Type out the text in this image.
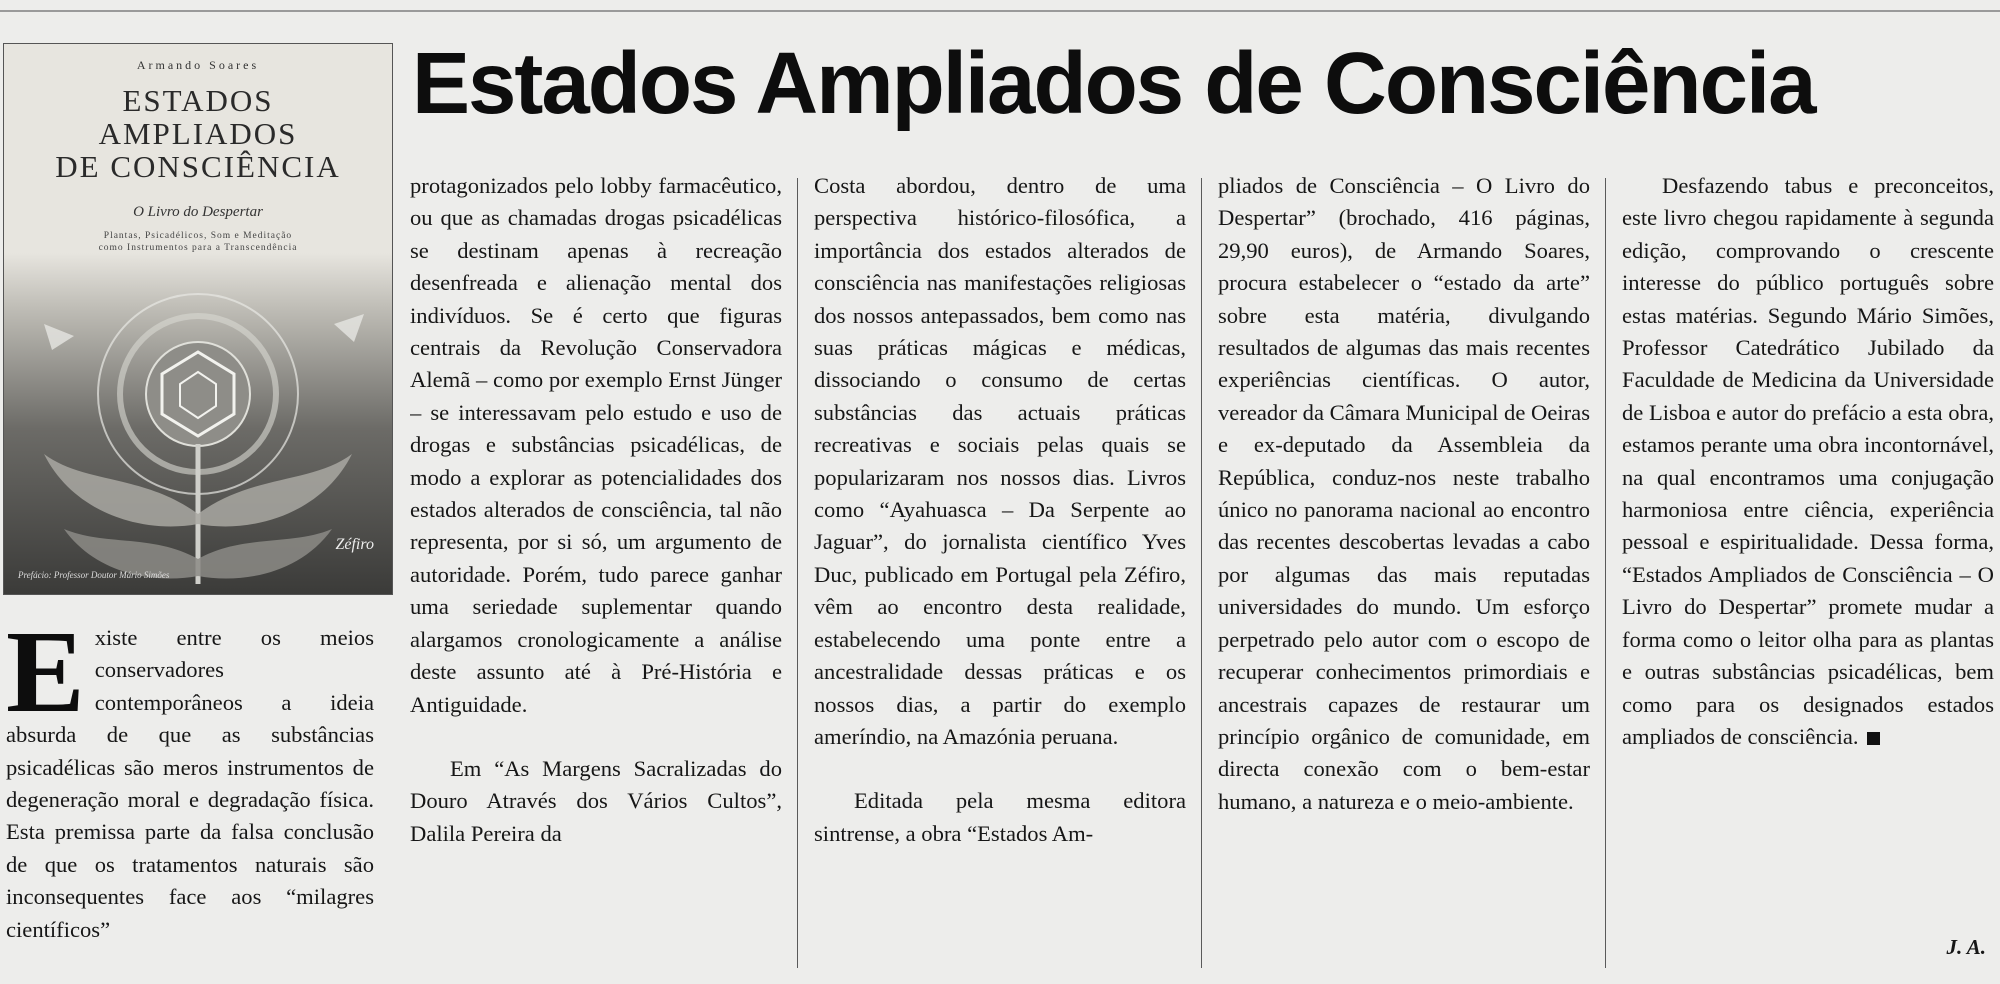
Armando Soares
ESTADOS
AMPLIADOS
DE CONSCIÊNCIA
O Livro do Despertar
Plantas, Psicadélicos, Som e Meditação
como Instrumentos para a Transcendência
Zéfiro
Prefácio: Professor Doutor Mário Simões
Estados Ampliados de Consciência
E xiste entre os meios conservadores contemporâneos a ideia absurda de que as substâncias psicadélicas são meros instrumentos de degeneração moral e degradação física. Esta premissa parte da falsa conclusão de que os tratamentos naturais são inconsequentes face aos “milagres científicos”

protagonizados pelo lobby farmacêutico, ou que as chamadas drogas psicadélicas se destinam apenas à recreação desenfreada e alienação mental dos indivíduos. Se é certo que figuras centrais da Revolução Conservadora Alemã – como por exemplo Ernst Jünger – se interessavam pelo estudo e uso de drogas e substâncias psicadélicas, de modo a explorar as potencialidades dos estados alterados de consciência, tal não representa, por si só, um argumento de autoridade. Porém, tudo parece ganhar uma seriedade suplementar quando alargamos cronologicamente a análise deste assunto até à Pré-História e Antiguidade.

Em “As Margens Sacralizadas do Douro Através dos Vários Cultos”, Dalila Pereira da

Costa abordou, dentro de uma perspectiva histórico-filosófica, a importância dos estados alterados de consciência nas manifestações religiosas dos nossos antepassados, bem como nas suas práticas mágicas e médicas, dissociando o consumo de certas substâncias das actuais práticas recreativas e sociais pelas quais se popularizaram nos nossos dias. Livros como “Ayahuasca – Da Serpente ao Jaguar”, do jornalista científico Yves Duc, publicado em Portugal pela Zéfiro, vêm ao encontro desta realidade, estabelecendo uma ponte entre a ancestralidade dessas práticas e os nossos dias, a partir do exemplo ameríndio, na Amazónia peruana.

Editada pela mesma editora sintrense, a obra “Estados Am-

pliados de Consciência – O Livro do Despertar” (brochado, 416 páginas, 29,90 euros), de Armando Soares, procura estabelecer o “estado da arte” sobre esta matéria, divulgando resultados de algumas das mais recentes experiências científicas. O autor, vereador da Câmara Municipal de Oeiras e ex-deputado da Assembleia da República, conduz-nos neste trabalho único no panorama nacional ao encontro das recentes descobertas levadas a cabo por algumas das mais reputadas universidades do mundo. Um esforço perpetrado pelo autor com o escopo de recuperar conhecimentos primordiais e ancestrais capazes de restaurar um princípio orgânico de comunidade, em directa conexão com o bem-estar humano, a natureza e o meio-ambiente.

Desfazendo tabus e preconceitos, este livro chegou rapidamente à segunda edição, comprovando o crescente interesse do público português sobre estas matérias. Segundo Mário Simões, Professor Catedrático Jubilado da Faculdade de Medicina da Universidade de Lisboa e autor do prefácio a esta obra, estamos perante uma obra incontornável, na qual encontramos uma conjugação harmoniosa entre ciência, experiência pessoal e espiritualidade. Dessa forma, “Estados Ampliados de Consciência – O Livro do Despertar” promete mudar a forma como o leitor olha para as plantas e outras substâncias psicadélicas, bem como para os designados estados ampliados de consciência.

J. A.
